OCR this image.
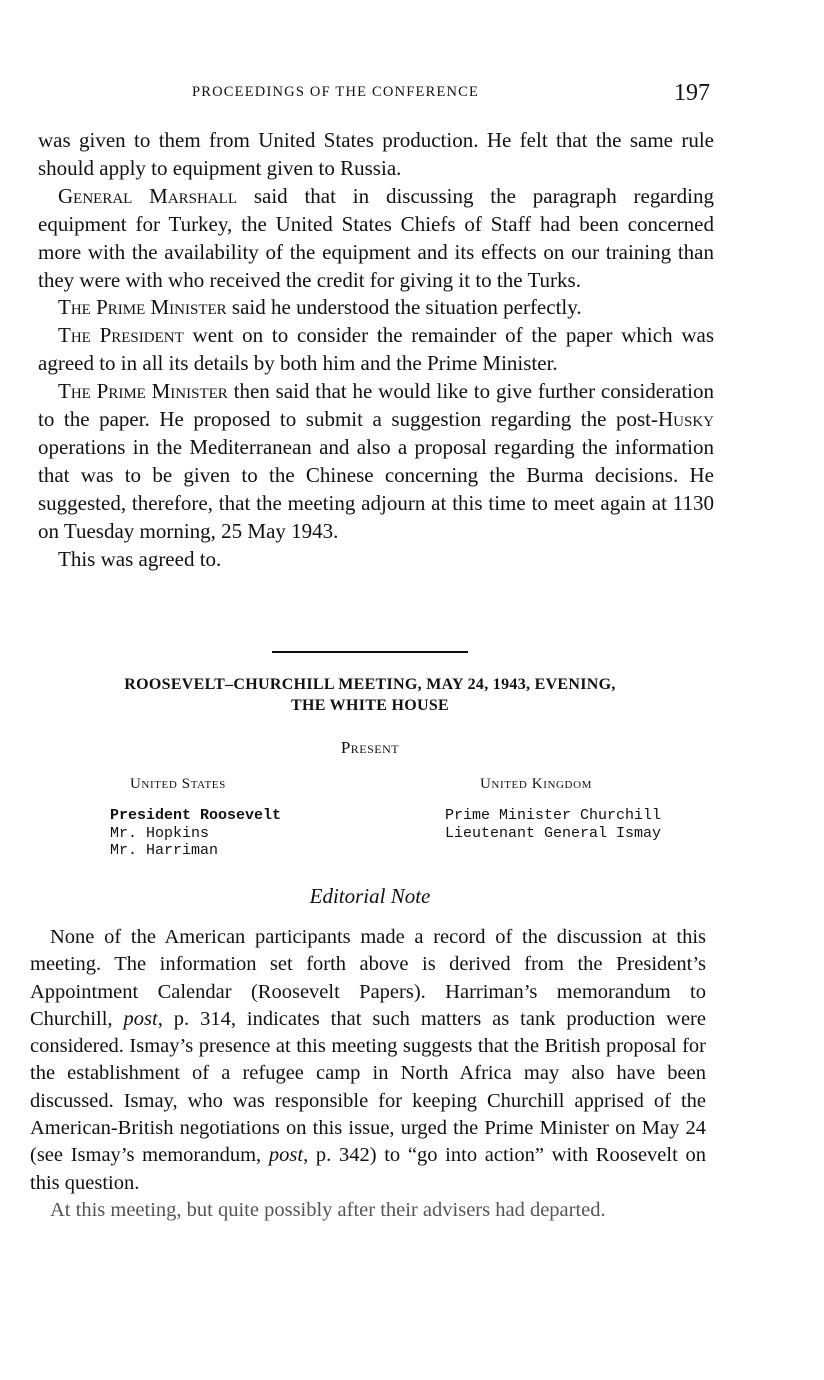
PROCEEDINGS OF THE CONFERENCE	197

was given to them from United States production. He felt that the same rule should apply to equipment given to Russia.

General Marshall said that in discussing the paragraph regarding equipment for Turkey, the United States Chiefs of Staff had been concerned more with the availability of the equipment and its effects on our training than they were with who received the credit for giving it to the Turks.

The Prime Minister said he understood the situation perfectly.

The President went on to consider the remainder of the paper which was agreed to in all its details by both him and the Prime Minister.

The Prime Minister then said that he would like to give further consideration to the paper. He proposed to submit a suggestion regarding the post-Husky operations in the Mediterranean and also a proposal regarding the information that was to be given to the Chinese concerning the Burma decisions. He suggested, therefore, that the meeting adjourn at this time to meet again at 1130 on Tuesday morning, 25 May 1943.

This was agreed to.

ROOSEVELT–CHURCHILL MEETING, MAY 24, 1943, EVENING,
THE WHITE HOUSE
Present
United States
President Roosevelt
Mr. Hopkins
Mr. Harriman
United Kingdom
Prime Minister Churchill
Lieutenant General Ismay
Editorial Note

None of the American participants made a record of the discussion at this meeting. The information set forth above is derived from the President’s Appointment Calendar (Roosevelt Papers). Harriman’s memorandum to Churchill, post, p. 314, indicates that such matters as tank production were considered. Ismay’s presence at this meeting suggests that the British proposal for the establishment of a refugee camp in North Africa may also have been discussed. Ismay, who was responsible for keeping Churchill apprised of the American-British negotiations on this issue, urged the Prime Minister on May 24 (see Ismay’s memorandum, post, p. 342) to “go into action” with Roosevelt on this question.

At this meeting, but quite possibly after their advisers had departed.
